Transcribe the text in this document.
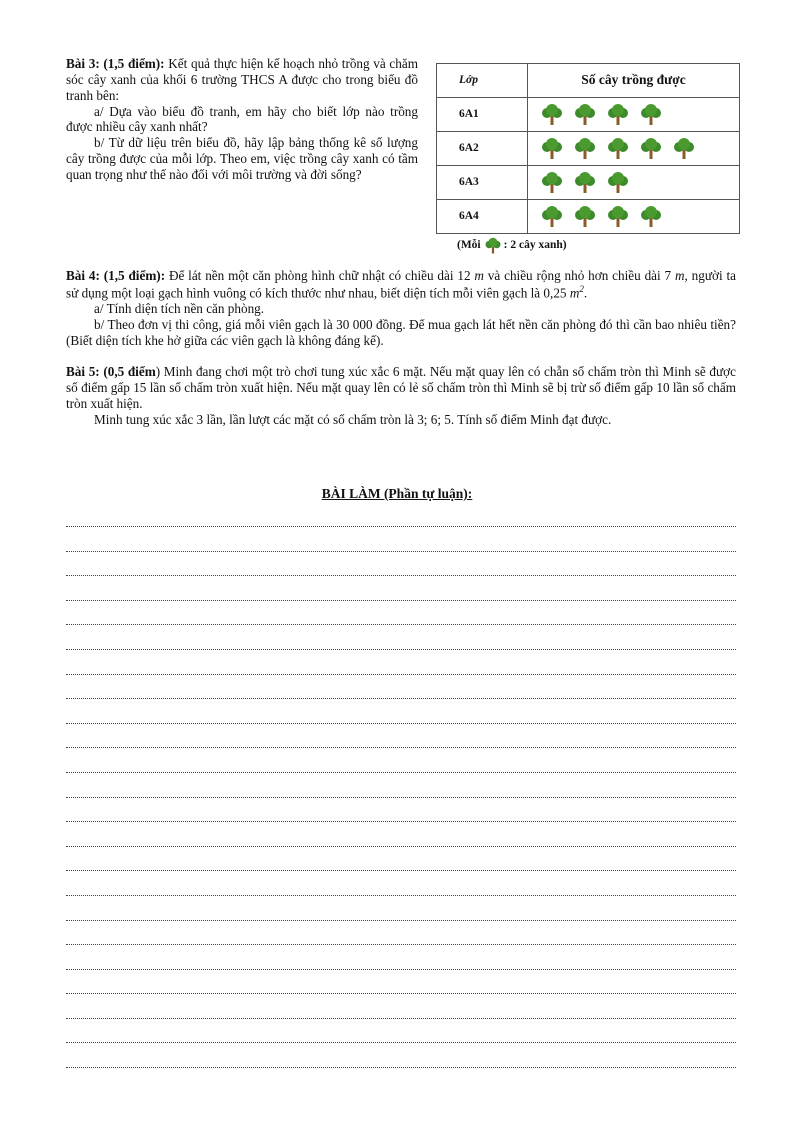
Bài 3: (1,5 điểm): Kết quả thực hiện kế hoạch nhỏ trồng và chăm sóc cây xanh của khối 6 trường THCS A được cho trong biểu đồ tranh bên:

a/ Dựa vào biểu đồ tranh, em hãy cho biết lớp nào trồng được nhiều cây xanh nhất?

b/ Từ dữ liệu trên biểu đồ, hãy lập bảng thống kê số lượng cây trồng được của mỗi lớp. Theo em, việc trồng cây xanh có tầm quan trọng như thế nào đối với môi trường và đời sống?

Lớp	Số cây trồng được
6A1	

6A2	

6A3	

6A4	
(Mỗi : 2 cây xanh)

Bài 4: (1,5 điểm): Để lát nền một căn phòng hình chữ nhật có chiều dài 12 m và chiều rộng nhỏ hơn chiều dài 7 m, người ta sử dụng một loại gạch hình vuông có kích thước như nhau, biết diện tích mỗi viên gạch là 0,25 $m^2$.

a/ Tính diện tích nền căn phòng.

b/ Theo đơn vị thi công, giá mỗi viên gạch là 30 000 đồng. Để mua gạch lát hết nền căn phòng đó thì cần bao nhiêu tiền? (Biết diện tích khe hở giữa các viên gạch là không đáng kể).

Bài 5: (0,5 điểm) Minh đang chơi một trò chơi tung xúc xắc 6 mặt. Nếu mặt quay lên có chẵn số chấm tròn thì Minh sẽ được số điểm gấp 15 lần số chấm tròn xuất hiện. Nếu mặt quay lên có lẻ số chấm tròn thì Minh sẽ bị trừ số điểm gấp 10 lần số chấm tròn xuất hiện.

Minh tung xúc xắc 3 lần, lần lượt các mặt có số chấm tròn là 3; 6; 5. Tính số điểm Minh đạt được.

BÀI LÀM (Phần tự luận):
